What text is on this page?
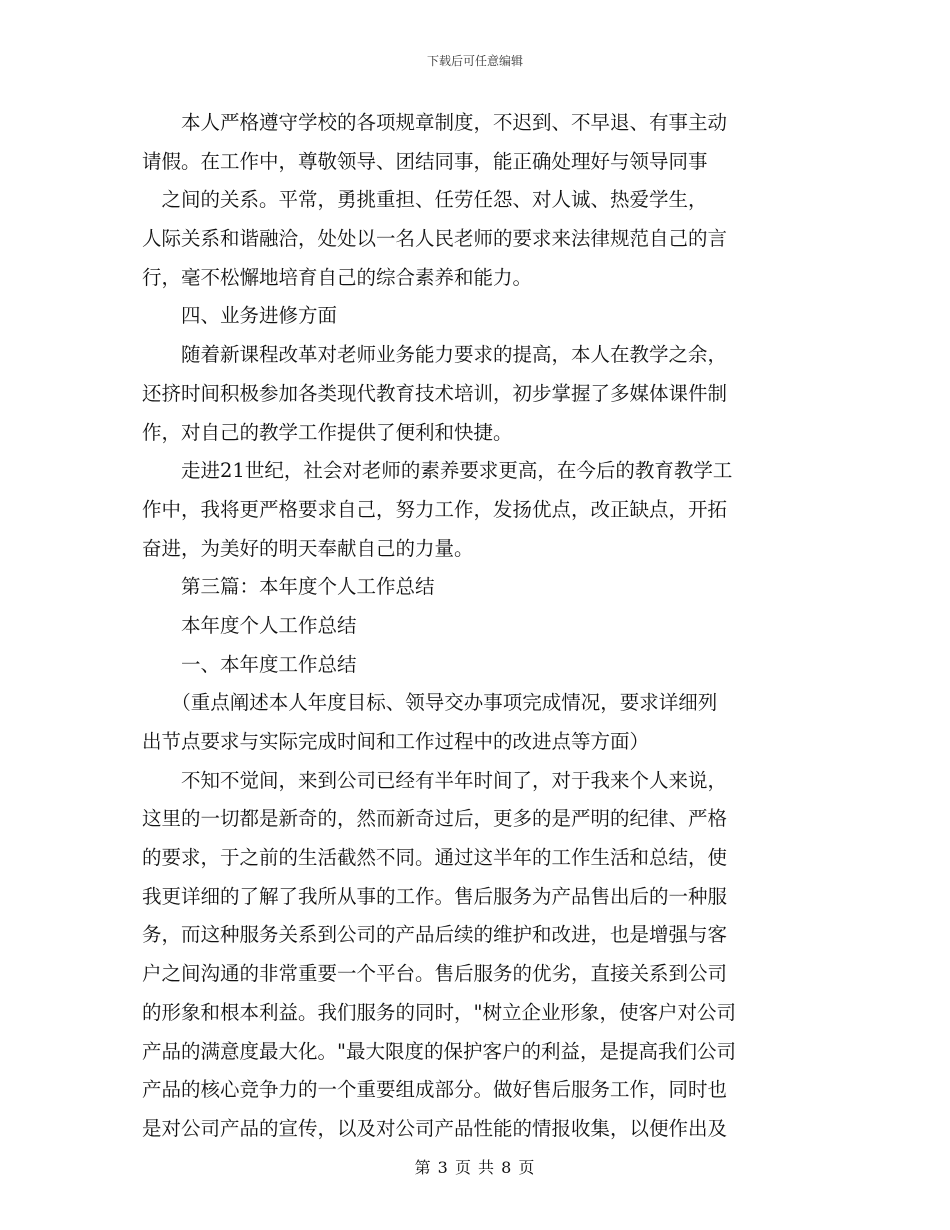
下载后可任意编辑
　　本人严格遵守学校的各项规章制度，不迟到、不早退、有事主动
请假。在工作中，尊敬领导、团结同事，能正确处理好与领导同事
　之间的关系。平常，勇挑重担、任劳任怨、对人诚、热爱学生，
人际关系和谐融洽，处处以一名人民老师的要求来法律规范自己的言
行，毫不松懈地培育自己的综合素养和能力。
　　四、业务进修方面
　　随着新课程改革对老师业务能力要求的提高，本人在教学之余，
还挤时间积极参加各类现代教育技术培训，初步掌握了多媒体课件制
作，对自己的教学工作提供了便利和快捷。
　　走进21世纪，社会对老师的素养要求更高，在今后的教育教学工
作中，我将更严格要求自己，努力工作，发扬优点，改正缺点，开拓
奋进，为美好的明天奉献自己的力量。
　　第三篇：本年度个人工作总结
　　本年度个人工作总结
　　一、本年度工作总结
　　（重点阐述本人年度目标、领导交办事项完成情况，要求详细列
出节点要求与实际完成时间和工作过程中的改进点等方面）
　　不知不觉间，来到公司已经有半年时间了，对于我来个人来说，
这里的一切都是新奇的，然而新奇过后，更多的是严明的纪律、严格
的要求，于之前的生活截然不同。通过这半年的工作生活和总结，使
我更详细的了解了我所从事的工作。售后服务为产品售出后的一种服
务，而这种服务关系到公司的产品后续的维护和改进，也是增强与客
户之间沟通的非常重要一个平台。售后服务的优劣，直接关系到公司
的形象和根本利益。我们服务的同时，"树立企业形象，使客户对公司
产品的满意度最大化。"最大限度的保护客户的利益，是提高我们公司
产品的核心竞争力的一个重要组成部分。做好售后服务工作，同时也
是对公司产品的宣传，以及对公司产品性能的情报收集，以便作出及
第 3 页 共 8 页
